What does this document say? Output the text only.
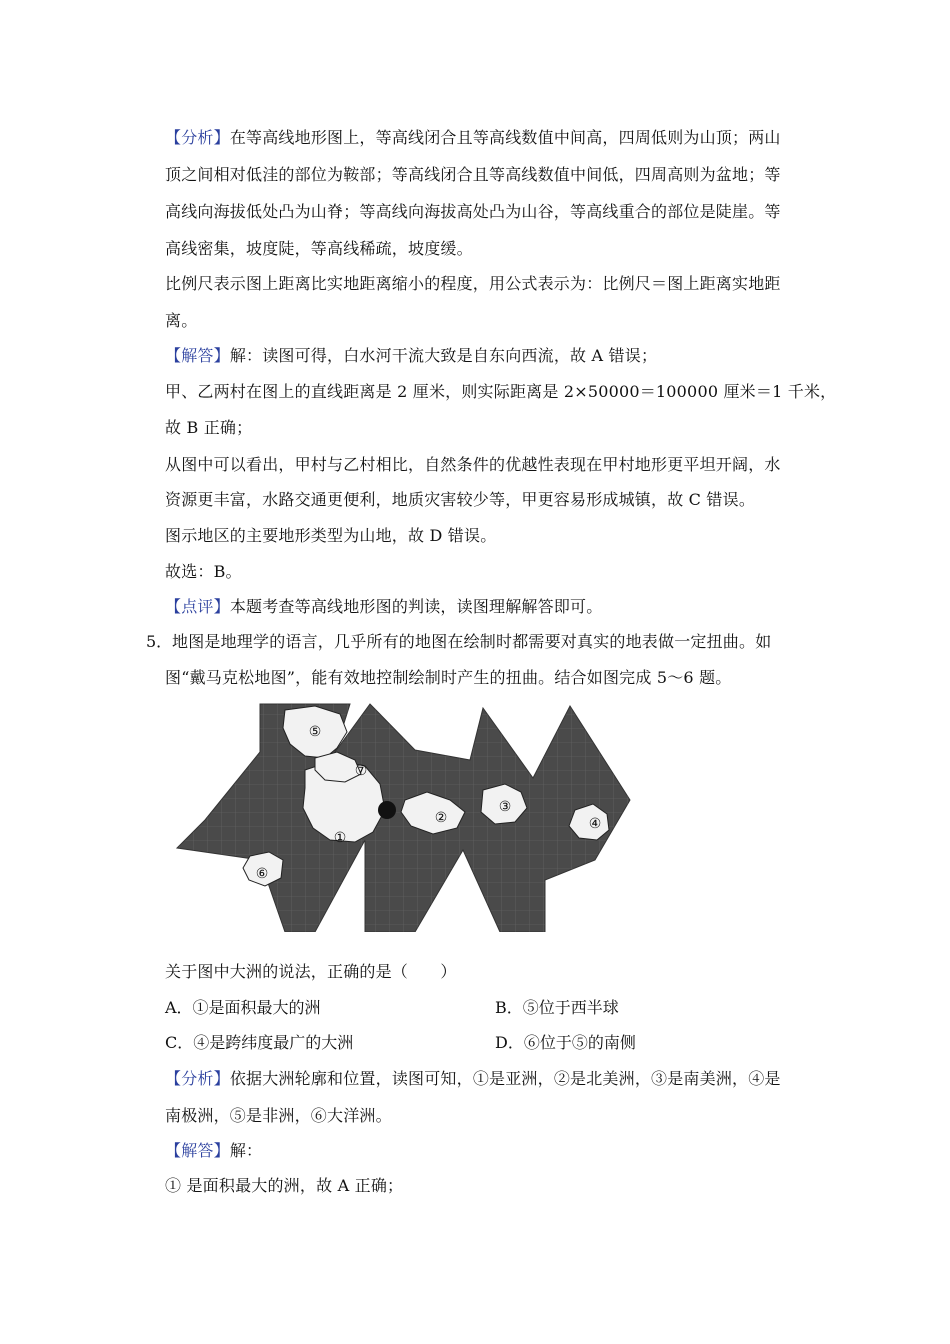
【分析】在等高线地形图上，等高线闭合且等高线数值中间高，四周低则为山顶；两山
顶之间相对低洼的部位为鞍部；等高线闭合且等高线数值中间低，四周高则为盆地；等
高线向海拔低处凸为山脊；等高线向海拔高处凸为山谷，等高线重合的部位是陡崖。等
高线密集，坡度陡，等高线稀疏，坡度缓。
比例尺表示图上距离比实地距离缩小的程度，用公式表示为：比例尺＝图上距离实地距
离。
【解答】解：读图可得，白水河干流大致是自东向西流，故 A 错误；
甲、乙两村在图上的直线距离是 2 厘米，则实际距离是 2×50000＝100000 厘米＝1 千米，
故 B 正确；
从图中可以看出，甲村与乙村相比，自然条件的优越性表现在甲村地形更平坦开阔，水
资源更丰富，水路交通更便利，地质灾害较少等，甲更容易形成城镇，故 C 错误。
图示地区的主要地形类型为山地，故 D 错误。
故选：B。
【点评】本题考查等高线地形图的判读，读图理解解答即可。
5． 地图是地理学的语言，几乎所有的地图在绘制时都需要对真实的地表做一定扭曲。如
图“戴马克松地图”，能有效地控制绘制时产生的扭曲。结合如图完成 5～6 题。
⑤
①
⑦
②
③
④
⑥
关于图中大洲的说法，正确的是（　　）
A．①是面积最大的洲	B．⑤位于西半球
C．④是跨纬度最广的大洲	D．⑥位于⑤的南侧
【分析】依据大洲轮廓和位置，读图可知，①是亚洲，②是北美洲，③是南美洲，④是
南极洲，⑤是非洲，⑥大洋洲。
【解答】解：
① 是面积最大的洲，故 A 正确；
